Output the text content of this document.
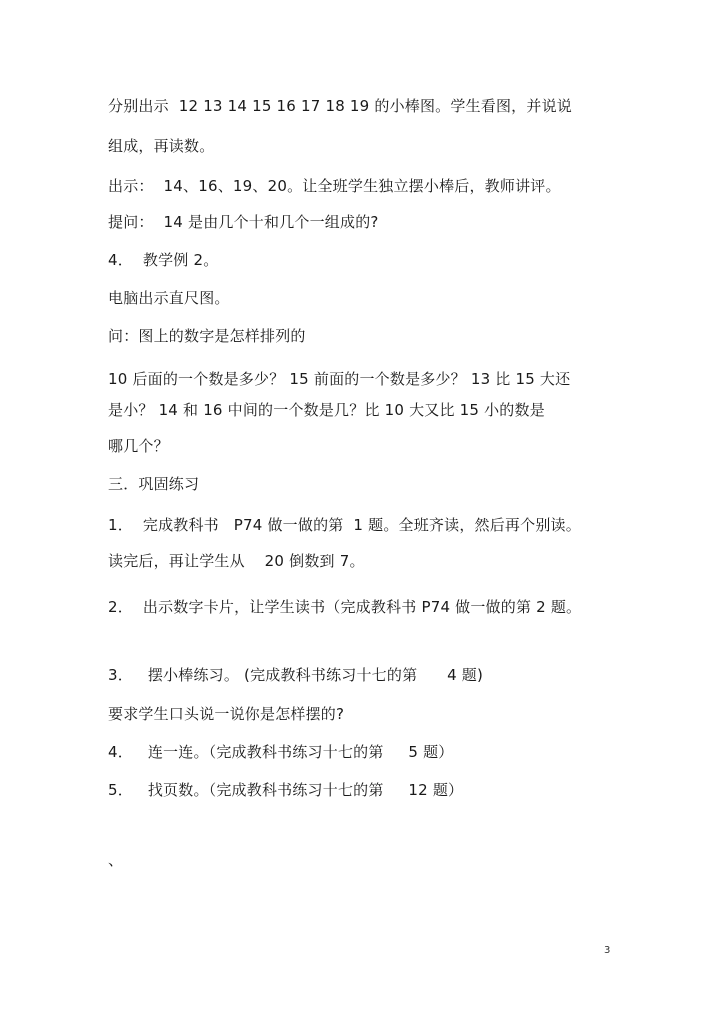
分别出示  12 13 14 15 16 17 18 19 的小棒图。学生看图，并说说
组成，再读数。
出示：  14、16、19、20。让全班学生独立摆小棒后，教师讲评。
提问：  14 是由几个十和几个一组成的?
4．  教学例 2。
电脑出示直尺图。
问：图上的数字是怎样排列的
10 后面的一个数是多少？ 15 前面的一个数是多少？ 13 比 15 大还
是小？ 14 和 16 中间的一个数是几？比 10 大又比 15 小的数是
哪几个？
三．巩固练习
1．  完成教科书   P74 做一做的第  1 题。全班齐读，然后再个别读。
读完后，再让学生从    20 倒数到 7。
2．  出示数字卡片，让学生读书（完成教科书 P74 做一做的第 2 题。
3．   摆小棒练习。 (完成教科书练习十七的第      4 题)
要求学生口头说一说你是怎样摆的?
4．   连一连。（完成教科书练习十七的第     5 题）
5．   找页数。（完成教科书练习十七的第     12 题）
、
3
